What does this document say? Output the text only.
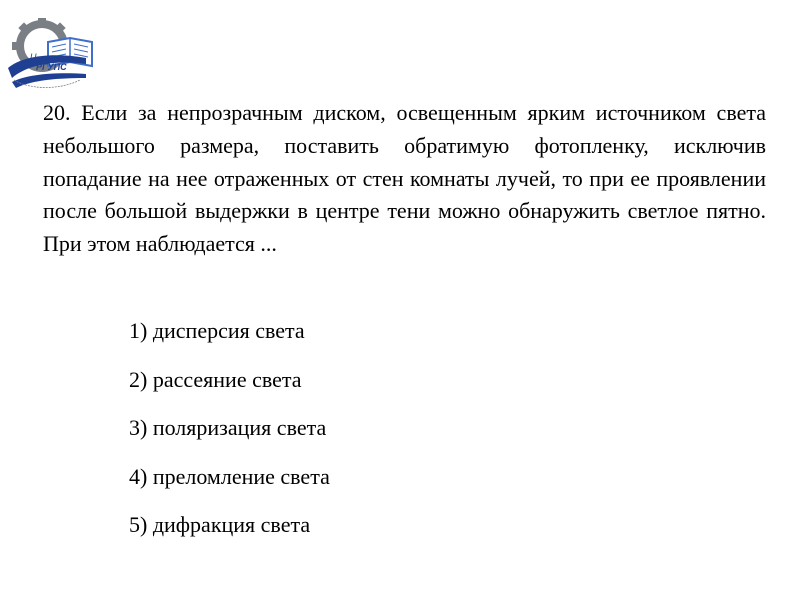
U
РГУПС

20. Если за непрозрачным диском, освещенным ярким источником света небольшого размера, поставить обратимую фотопленку, исключив попадание на нее отраженных от стен комнаты лучей, то при ее проявлении после большой выдержки в центре тени можно обнаружить светлое пятно. При этом наблюдается ...

1) дисперсия света
2) рассеяние света
3) поляризация света
4) преломление света
5) дифракция света
